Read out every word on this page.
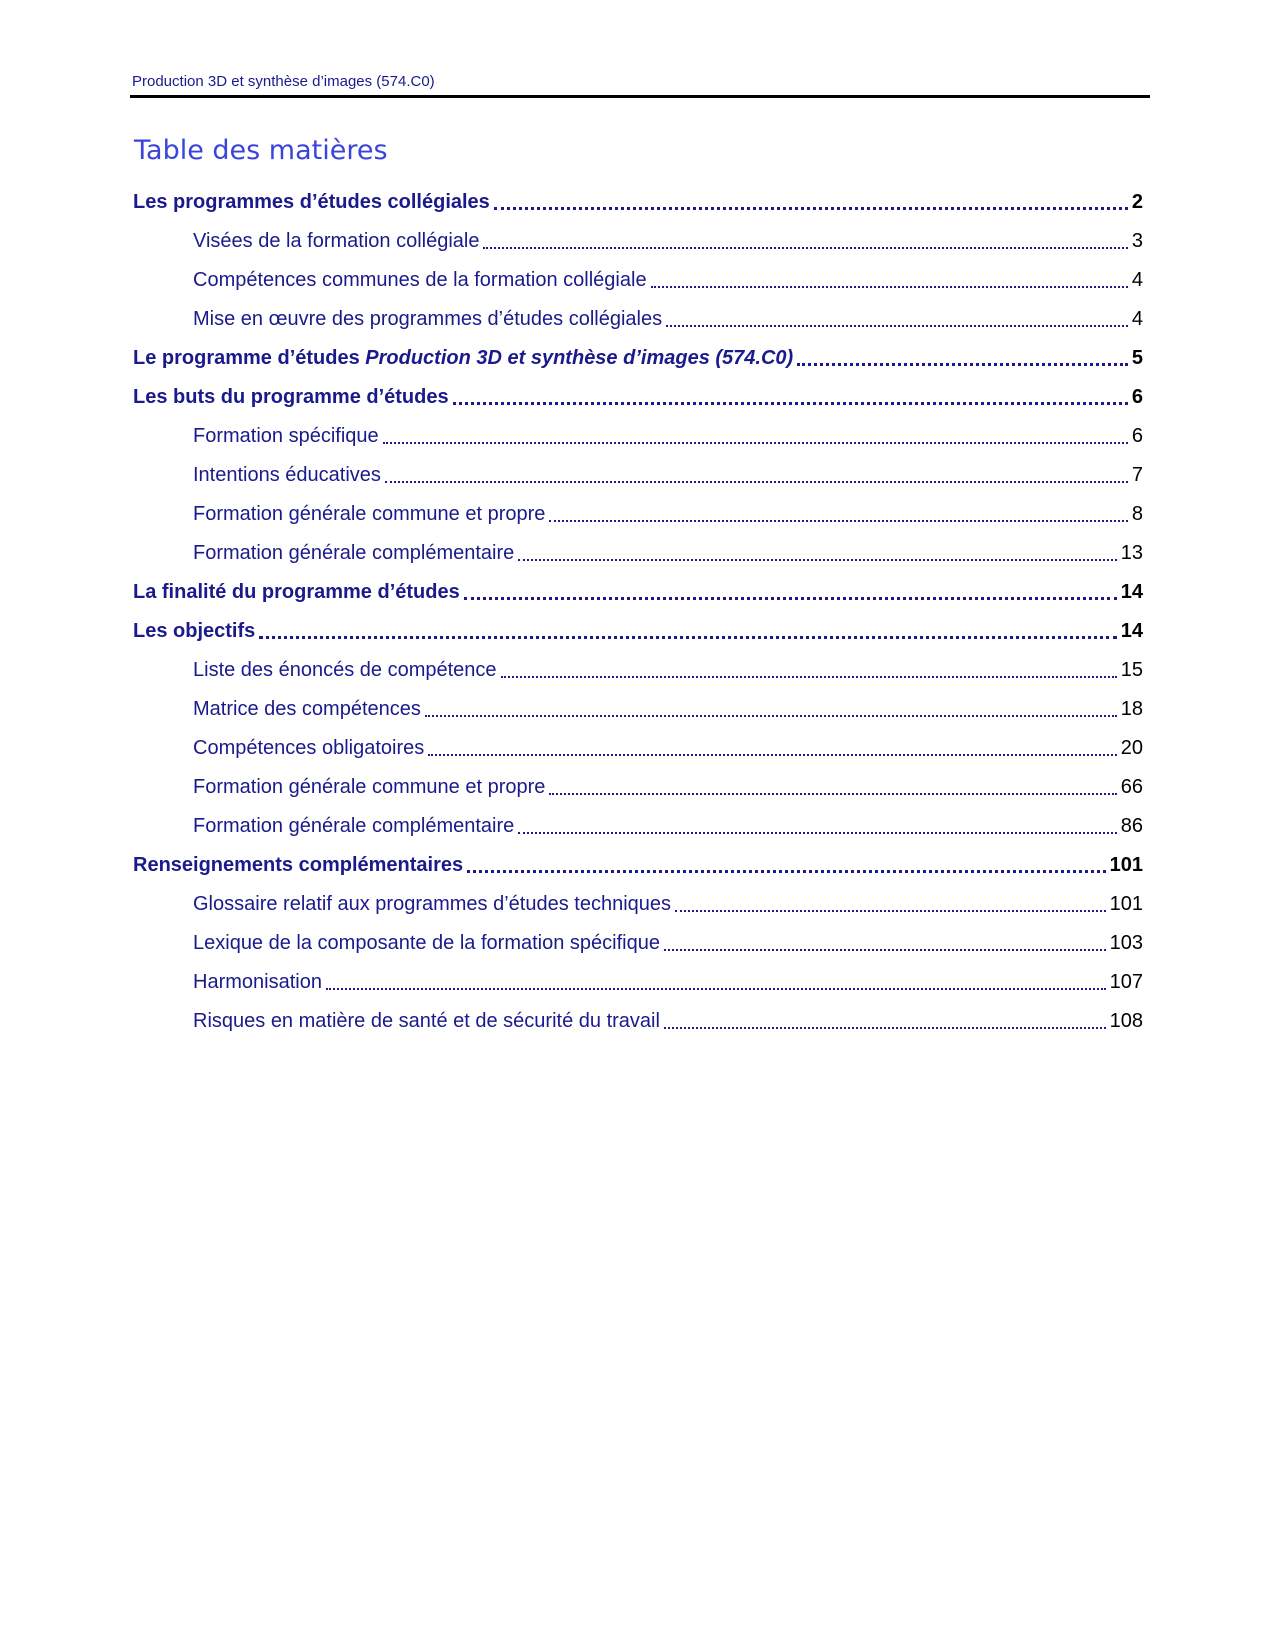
Production 3D et synthèse d’images (574.C0)
Table des matières
Les programmes d’études collégiales	2
Visées de la formation collégiale	3
Compétences communes de la formation collégiale	4
Mise en œuvre des programmes d’études collégiales	4
Le programme d’études Production 3D et synthèse d’images (574.C0)	5
Les buts du programme d’études	6
Formation spécifique	6
Intentions éducatives	7
Formation générale commune et propre	8
Formation générale complémentaire	13
La finalité du programme d’études	14
Les objectifs	14
Liste des énoncés de compétence	15
Matrice des compétences	18
Compétences obligatoires	20
Formation générale commune et propre	66
Formation générale complémentaire	86
Renseignements complémentaires	101
Glossaire relatif aux programmes d’études techniques	101
Lexique de la composante de la formation spécifique	103
Harmonisation	107
Risques en matière de santé et de sécurité du travail	108
